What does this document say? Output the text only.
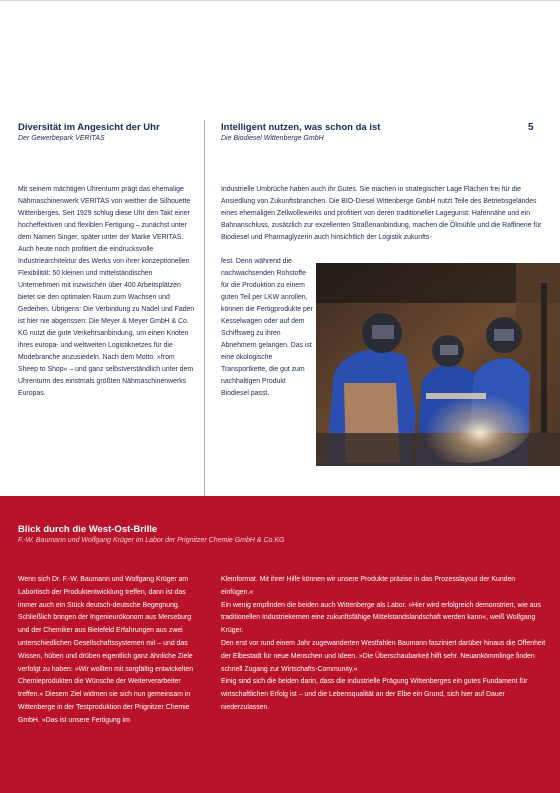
Diversität im Angesicht der Uhr
Der Gewerbepark VERITAS
Intelligent nutzen, was schon da ist
Die Biodiesel Wittenberge GmbH
5
Mit seinem mächtigen Uhrenturm prägt das ehemalige Nähmaschinenwerk VERITAS von weither die Silhouette Wittenberges. Seit 1929 schlug diese Uhr den Takt einer hocheffektiven und flexiblen Fertigung – zunächst unter dem Namen Singer, später unter der Marke VERITAS. Auch heute noch profitiert die eindrucksvolle Industriearchitektur des Werks von ihrer konzeptionellen Flexibilität: 50 kleinen und mittelständischen Unternehmen mit inzwischen über 400 Arbeitsplätzen bietet sie den optimalen Raum zum Wachsen und Gedeihen. Übrigens: Die Verbindung zu Nadel und Faden ist hier nie abgerissen: Die Meyer & Meyer GmbH & Co. KG nutzt die gute Verkehrsanbindung, um einen Knoten ihres europa- und weltweiten Logistiknetzes für die Modebranche anzusiedeln. Nach dem Motto: »from Sheep to Shop« – und ganz selbstverständlich unter dem Uhrenturm des einstmals größten Nähmaschinenwerks Europas.
Industrielle Umbrüche haben auch ihr Gutes. Sie machen in strategischer Lage Flächen frei für die Ansiedlung von Zukunftsbranchen. Die BIO-Diesel Wittenberge GmbH nutzt Teile des Betriebsgeländes eines ehemaligen Zellwollewerks und profitiert von deren traditioneller Lagegunst: Hafennähe und ein Bahnanschluss, zusätzlich zur exzellenten Straßenanbindung, machen die Ölmühle und die Raffinerie für Biodiesel und Pharmaglyzerin auch hinsichtlich der Logistik zukunfts-
fest. Denn während die nachwachsenden Rohstoffe für die Produktion zu einem guten Teil per LKW anrollen, können die Fertigprodukte per Kesselwagen oder auf dem Schiffsweg zu ihren Abnehmern gelangen. Das ist eine ökologische Transportkette, die gut zum nachhaltigen Produkt Biodiesel passt.
Blick durch die West-Ost-Brille
F.-W. Baumann und Wolfgang Krüger im Labor der Prignitzer Chemie GmbH & Co.KG
Wenn sich Dr. F.-W. Baumann und Wolfgang Krüger am Labortisch der Produktentwicklung treffen, dann ist das immer auch ein Stück deutsch-deutsche Begegnung. Schließlich bringen der Ingenieurökonom aus Merseburg und der Chemiker aus Bielefeld Erfahrungen aus zwei unterschiedlichen Gesellschaftssystemen mit – und das Wissen, hüben und drüben eigentlich ganz ähnliche Ziele verfolgt zu haben: »Wir wollten mit sorgfältig entwickelten Chemieprodukten die Wünsche der Weiterverarbeiter treffen.« Diesem Ziel widmen sie sich nun gemeinsam in Wittenberge in der Testproduktion der Prignitzer Chemie GmbH. »Das ist unsere Fertigung im

Kleinformat. Mit ihrer Hilfe können wir unsere Produkte präzise in das Prozesslayout der Kunden einfügen.«

Ein wenig empfinden die beiden auch Wittenberge als Labor. »Hier wird erfolgreich demonstriert, wie aus traditionellen Industriekernen eine zukunftsfähige Mittelstandslandschaft werden kann«, weiß Wolfgang Krüger.

Den erst vor rund einem Jahr zugewanderten Westfahlen Baumann fasziniert darüber hinaus die Offenheit der Elbestadt für neue Menschen und Ideen. »Die Überschaubarkeit hilft sehr. Neuankömmlinge finden schnell Zugang zur Wirtschafts-Community.«

Einig sind sich die beiden darin, dass die industrielle Prägung Wittenberges ein gutes Fundament für wirtschaftlichen Erfolg ist – und die Lebensqualität an der Elbe ein Grund, sich hier auf Dauer niederzulassen.
